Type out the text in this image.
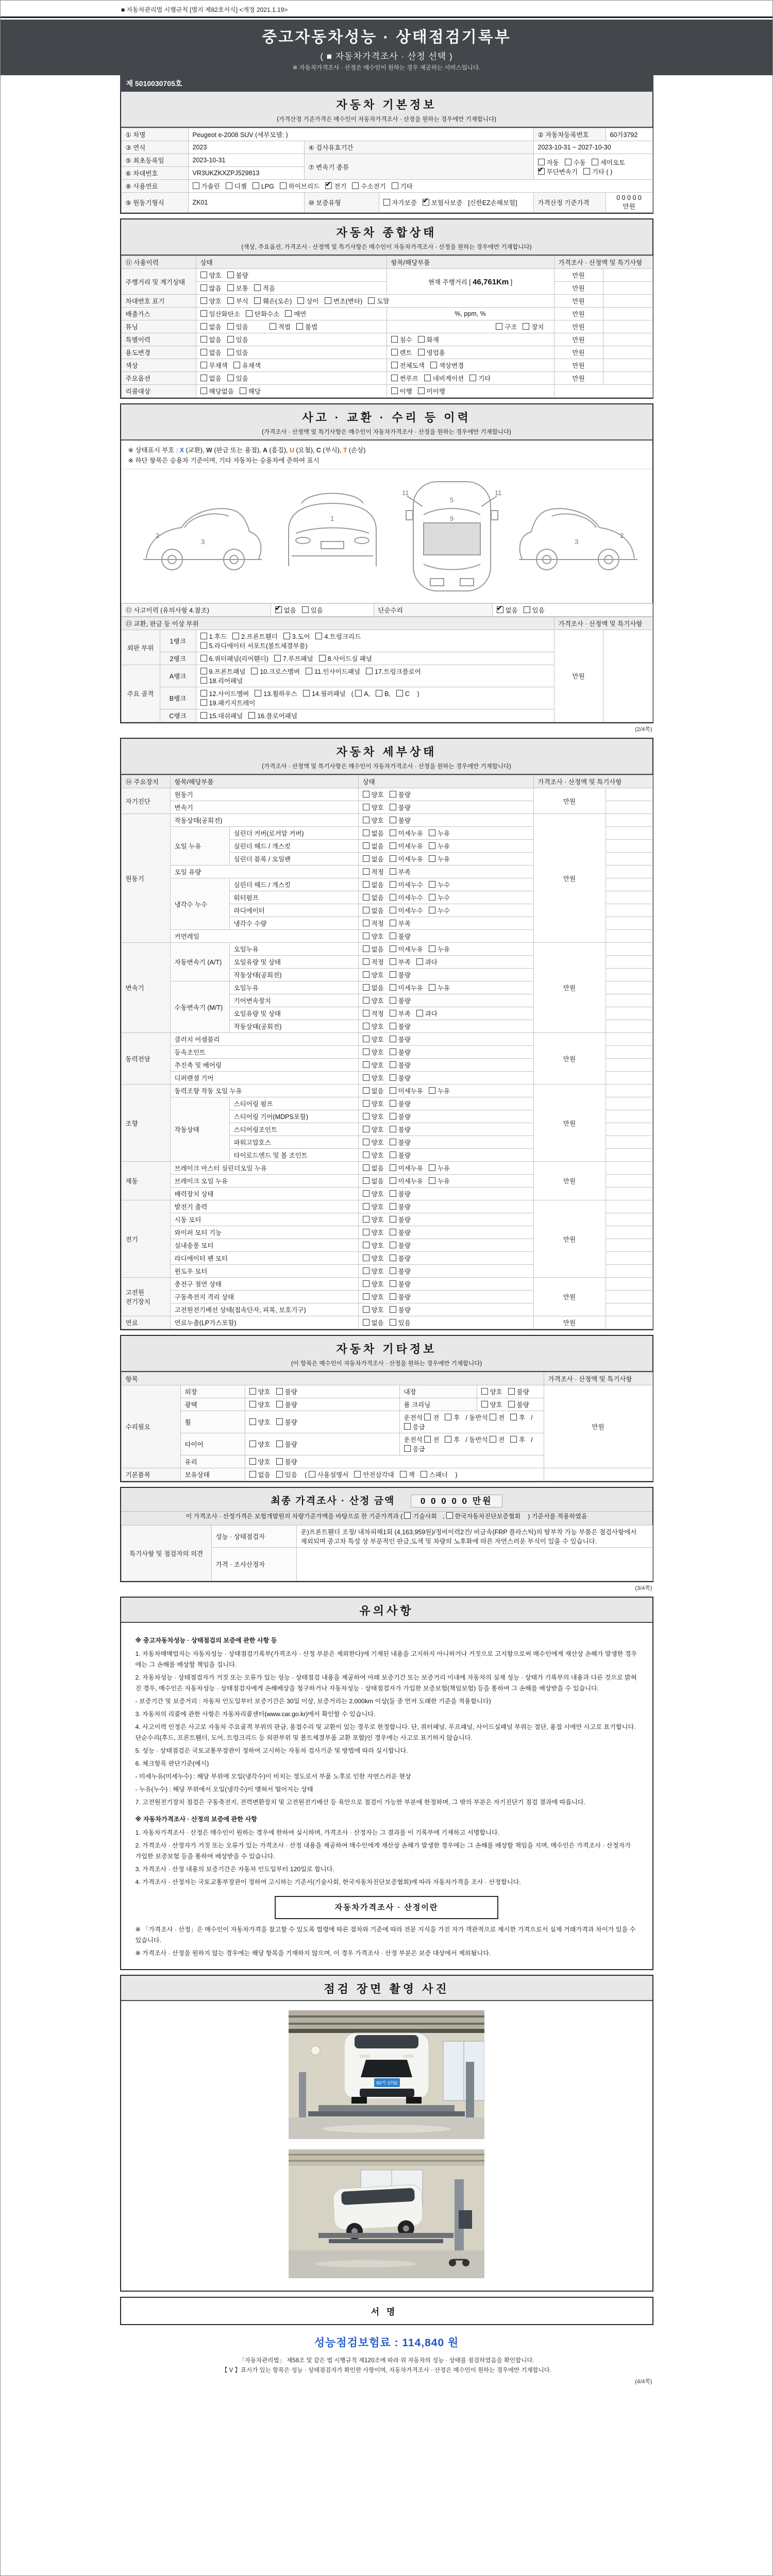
■ 자동차관리법 시행규칙 [별지 제82호서식] <개정 2021.1.19>
중고자동차성능 · 상태점검기록부
( ■ 자동차가격조사 · 산정 선택 )
※ 자동차가격조사 · 산정은 매수인이 원하는 경우 제공하는 서비스입니다.
제 5010030705호
자동차 기본정보
(가격산정 기준가격은 매수인이 자동차가격조사 · 산정을 원하는 경우에만 기재합니다)
① 차명	Peugeot e-2008 SUV (세부모델: )			② 자동차등록번호	60가3792
③ 연식	2023	④ 검사유효기간		2023-10-31 ~ 2027-10-30	
⑤ 최초등록일	2023-10-31	⑦ 변속기 종류		자동 수동 세미오토
✔무단변속기 기타 ( )
⑥ 차대번호	VR3UKZKXZPJ529813				
⑧ 사용연료	가솔린 디젤 LPG 하이브리드 ✔ 전기 수소전기 기타
⑨ 원동기형식	ZK01	⑩ 보증유형	자가보증 ✔ 보험사보증 [신한EZ손해보험]	가격산정 기준가격	0 0 0 0 0 만원
자동차 종합상태
(색상, 주요옵션, 가격조사 · 산정액 및 특기사항은 매수인이 자동차가격조사 · 산정을 원하는 경우에만 기재합니다)
⑪ 사용이력	상태	항목/해당부품	가격조사 · 산정액 및 특기사항	
주행거리 및 계기상태	양호 불량	현재 주행거리 [ 46,761Km ]	만원	
	많음 보통 적음		만원	
차대번호 표기	양호 부식 훼손(오손) 상이 변조(변타) 도말		만원	
배출가스	일산화탄소 탄화수소 매연	%, ppm, %	만원	
튜닝	없음 있음 적법 불법	구조 장치	만원	
특별이력	없음 있음	침수 화재	만원	
용도변경	없음 있음	렌트 영업용	만원	
색상	무채색 유채색	전체도색 색상변경	만원	
주요옵션	없음 있음	썬루프 네비게이션 기타	만원	
리콜대상	해당없음 해당	이행 미이행		
사고 · 교환 · 수리 등 이력
(가격조사 · 산정액 및 특기사항은 매수인이 자동차가격조사 · 산정을 원하는 경우에만 기재합니다)
※ 상태표시 부호 : X (교환), W (판금 또는 용접), A (흠집), U (요철), C (부식), T (손상)
※ 하단 항목은 승용차 기준이며, 기타 자동차는 승용차에 준하여 표시
2
3
1
11	11
5
9
2
3
⑫ 사고이력 (유의사항 4.참조)	✔없음 있음	단순수리	✔없음 있음
⑬ 교환, 판금 등 이상 부위			가격조사 · 산정액 및 특기사항	
외판 부위	1랭크	1.후드 2.프론트휀더 3.도어 4.트렁크리드
5.라디에이터 서포트(볼트체결부품)	만원	
	2랭크	6.쿼터패널(리어휀더) 7.루프패널 8.사이드실 패널		
주요 골격	A랭크	9.프론트패널 10.크로스멤버 11.인사이드패널 17.트렁크플로어
18.리어패널		
	B랭크	12.사이드멤버 13.휠하우스 14.필러패널 ( A, B, C )
19.패키지트레이		
	C랭크	15.대쉬패널 16.플로어패널		
(2/4쪽)
자동차 세부상태
(가격조사 · 산정액 및 특기사항은 매수인이 자동차가격조사 · 산정을 원하는 경우에만 기재합니다)
⑭ 주요장치	항목/해당부품		상태	가격조사 · 산정액 및 특기사항	
자기진단	원동기		양호 불량	만원	
	변속기		양호 불량		
원동기	작동상태(공회전)		양호 불량	만원	
	오일 누유	실린더 커버(로커암 커버)	없음 미세누유 누유		
		실린더 헤드 / 개스킷	없음 미세누유 누유		
		실린더 블록 / 오일팬	없음 미세누유 누유		
	오일 유량		적정 부족		
	냉각수 누수	실린더 헤드 / 개스킷	없음 미세누수 누수		
		워터펌프	없음 미세누수 누수		
		라디에이터	없음 미세누수 누수		
		냉각수 수량	적정 부족		
	커먼레일		양호 불량		
변속기	자동변속기 (A/T)	오일누유	없음 미세누유 누유	만원	
		오일유량 및 상태	적정 부족 과다		
		작동상태(공회전)	양호 불량		
	수동변속기 (M/T)	오일누유	없음 미세누유 누유		
		기어변속장치	양호 불량		
		오일유량 및 상태	적정 부족 과다		
		작동상태(공회전)	양호 불량		
동력전달	클러치 어셈블리		양호 불량	만원	
	등속조인트		양호 불량		
	추진축 및 베어링		양호 불량		
	디퍼렌셜 기어		양호 불량		
조향	동력조향 작동 오일 누유		없음 미세누유 누유	만원	
	작동상태	스티어링 펌프	양호 불량		
		스티어링 기어(MDPS포함)	양호 불량		
		스티어링조인트	양호 불량		
		파워고압호스	양호 불량		
		타이로드엔드 및 볼 조인트	양호 불량		
제동	브레이크 마스터 실린더오일 누유		없음 미세누유 누유	만원	
	브레이크 오일 누유		없음 미세누유 누유		
	배력장치 상태		양호 불량		
전기	발전기 출력		양호 불량	만원	
	시동 모터		양호 불량		
	와이퍼 모터 기능		양호 불량		
	실내송풍 모터		양호 불량		
	라디에이터 팬 모터		양호 불량		
	윈도우 모터		양호 불량		
고전원 전기장치	충전구 절연 상태		양호 불량	만원	
	구동축전지 격리 상태		양호 불량		
	고전원전기배선 상태(접속단자, 피복, 보호기구)		양호 불량		
연료	연료누출(LP가스포함)		없음 있음	만원	
자동차 기타정보
(이 항목은 매수인이 자동차가격조사 · 산정을 원하는 경우에만 기재합니다)
항목					가격조사 · 산정액 및 특기사항
수리필요	외장	양호 불량	내장	양호 불량	만원
	광택	양호 불량	룸 크리닝	양호 불량	
	휠	양호 불량	운전석 전 후 / 동반석 전 후 / 응급		
	타이어	양호 불량	운전석 전 후 / 동반석 전 후 / 응급		
	유리	양호 불량			
기본품목	보유상태	없음 있음 ( 사용설명서 안전삼각대 잭 스패너 )			
최종 가격조사 · 산정 금액	0 0 0 0 0 만원
이 가격조사 · 산정가격은 보험개발원의 차량기준가액을 바탕으로 한 기준가격과 ( 기술사회 , 한국자동차진단보증협회 ) 기준서를 적용하였음
특기사항 및 점검자의 의견	성능 · 상태점검자	운)프론트휀더 조정/ 내차피해1회 (4,163,959원)/정비이력2건/ 비금속(FRP 플라스틱)의 탈부착 가능 부품은 점검사항에서 제외되며 중고차 특성 상 부분적인 판금,도색 및 차량의 노후화에 따른 자연스러운 부식이 있을 수 있습니다.
	가격 · 조사산정자	
(3/4쪽)
유의사항
※ 중고자동차성능 · 상태점검의 보증에 관한 사항 등
1. 자동차매매업자는 자동차성능 · 상태점검기록부(가격조사 · 산정 부분은 제외한다)에 기재된 내용을 고지하지 아니하거나 거짓으로 고지함으로써 매수인에게 재산상 손해가 발생한 경우에는 그 손해를 배상할 책임을 집니다.
2. 자동차성능 · 상태점검자가 거짓 또는 오류가 있는 성능 · 상태점검 내용을 제공하여 아래 보증기간 또는 보증거리 이내에 자동차의 실제 성능 · 상태가 기록부의 내용과 다른 것으로 밝혀진 경우, 매수인은 자동차성능 · 상태점검자에게 손해배상을 청구하거나 자동차성능 · 상태점검자가 가입한 보증보험(책임보험) 등을 통하여 그 손해를 배상받을 수 있습니다.
- 보증기간 및 보증거리 : 자동차 인도일부터 보증기간은 30일 이상, 보증거리는 2,000km 이상(둘 중 먼저 도래한 기준을 적용합니다)
3. 자동차의 리콜에 관한 사항은 자동차리콜센터(www.car.go.kr)에서 확인할 수 있습니다.
4. 사고이력 인정은 사고로 자동차 주요골격 부위의 판금, 용접수리 및 교환이 있는 경우로 한정합니다. 단, 쿼터패널, 루프패널, 사이드실패널 부위는 절단, 용접 시에만 사고로 표기합니다. 단순수리(후드, 프론트휀더, 도어, 트렁크리드 등 외판부위 및 볼트체결부품 교환 포함)인 경우에는 사고로 표기하지 않습니다.
5. 성능 · 상태점검은 국토교통부장관이 정하여 고시하는 자동차 검사기준 및 방법에 따라 실시합니다.
6. 체크항목 판단기준(예시)
- 미세누유(미세누수) : 해당 부위에 오일(냉각수)이 비치는 정도로서 부품 노후로 인한 자연스러운 현상
- 누유(누수) : 해당 부위에서 오일(냉각수)이 맺혀서 떨어지는 상태
7. 고전원전기장치 점검은 구동축전지, 전력변환장치 및 고전원전기배선 등 육안으로 점검이 가능한 부분에 한정하며, 그 밖의 부분은 자기진단기 점검 결과에 따릅니다.
※ 자동차가격조사 · 산정의 보증에 관한 사항
1. 자동차가격조사 · 산정은 매수인이 원하는 경우에 한하여 실시하며, 가격조사 · 산정자는 그 결과를 이 기록부에 기재하고 서명합니다.
2. 가격조사 · 산정자가 거짓 또는 오류가 있는 가격조사 · 산정 내용을 제공하여 매수인에게 재산상 손해가 발생한 경우에는 그 손해를 배상할 책임을 지며, 매수인은 가격조사 · 산정자가 가입한 보증보험 등을 통하여 배상받을 수 있습니다.
3. 가격조사 · 산정 내용의 보증기간은 자동차 인도일부터 120일로 합니다.
4. 가격조사 · 산정자는 국토교통부장관이 정하여 고시하는 기준서(기술사회, 한국자동차진단보증협회)에 따라 자동차가격을 조사 · 산정합니다.
자동차가격조사 · 산정이란
※ 「가격조사 · 산정」은 매수인이 자동차가격을 참고할 수 있도록 법령에 따른 절차와 기준에 따라 전문 지식을 가진 자가 객관적으로 제시한 가격으로서 실제 거래가격과 차이가 있을 수 있습니다.
※ 가격조사 · 산정을 원하지 않는 경우에는 해당 항목을 기재하지 않으며, 이 경우 가격조사 · 산정 부분은 보증 대상에서 제외됩니다.
점검 장면 촬영 사진
60가 3792
서명
성능점검보험료 : 114,840 원
「자동차관리법」 제58조 및 같은 법 시행규칙 제120조에 따라 위 자동차의 성능 · 상태를 점검하였음을 확인합니다.
【 V 】표시가 있는 항목은 성능 · 상태점검자가 확인한 사항이며, 자동차가격조사 · 산정은 매수인이 원하는 경우에만 기재합니다.
(4/4쪽)
